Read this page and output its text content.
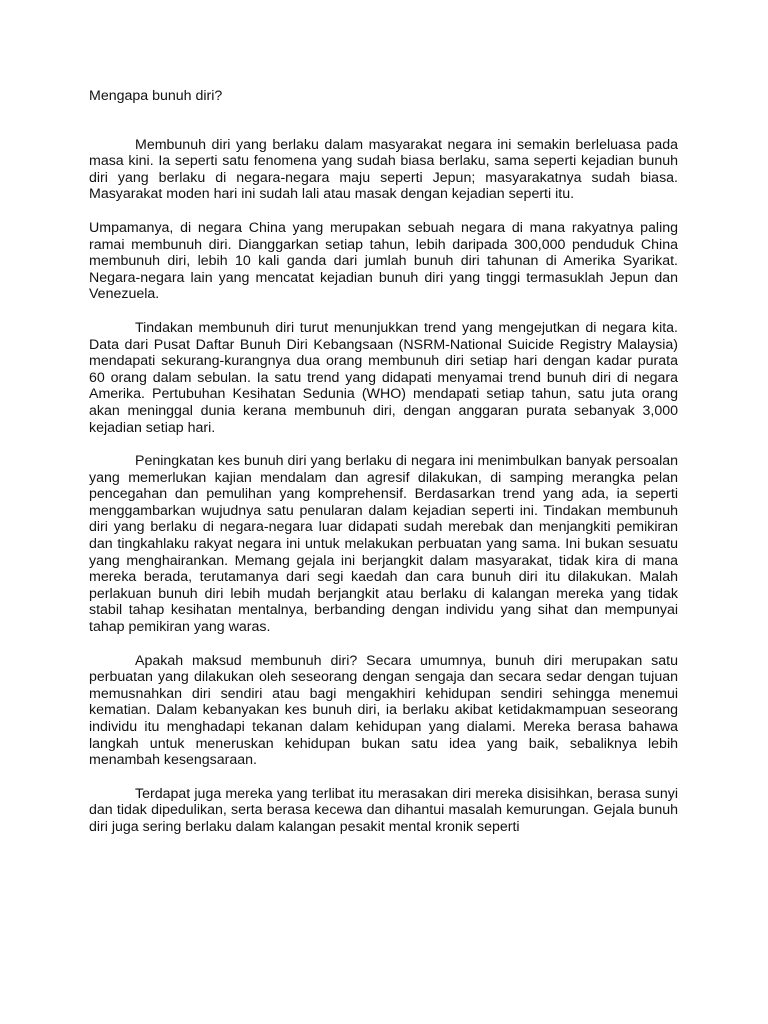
Mengapa bunuh diri?

Membunuh diri yang berlaku dalam masyarakat negara ini semakin berleluasa pada masa kini. Ia seperti satu fenomena yang sudah biasa berlaku, sama seperti kejadian bunuh diri yang berlaku di negara-negara maju seperti Jepun; masyarakatnya sudah biasa. Masyarakat moden hari ini sudah lali atau masak dengan kejadian seperti itu.

Umpamanya, di negara China yang merupakan sebuah negara di mana rakyatnya paling ramai membunuh diri. Dianggarkan setiap tahun, lebih daripada 300,000 penduduk China membunuh diri, lebih 10 kali ganda dari jumlah bunuh diri tahunan di Amerika Syarikat. Negara-negara lain yang mencatat kejadian bunuh diri yang tinggi termasuklah Jepun dan Venezuela.

Tindakan membunuh diri turut menunjukkan trend yang mengejutkan di negara kita. Data dari Pusat Daftar Bunuh Diri Kebangsaan (NSRM-National Suicide Registry Malaysia) mendapati sekurang-kurangnya dua orang membunuh diri setiap hari dengan kadar purata 60 orang dalam sebulan. Ia satu trend yang didapati menyamai trend bunuh diri di negara Amerika. Pertubuhan Kesihatan Sedunia (WHO) mendapati setiap tahun, satu juta orang akan meninggal dunia kerana membunuh diri, dengan anggaran purata sebanyak 3,000 kejadian setiap hari.

Peningkatan kes bunuh diri yang berlaku di negara ini menimbulkan banyak persoalan yang memerlukan kajian mendalam dan agresif dilakukan, di samping merangka pelan pencegahan dan pemulihan yang komprehensif. Berdasarkan trend yang ada, ia seperti menggambarkan wujudnya satu penularan dalam kejadian seperti ini. Tindakan membunuh diri yang berlaku di negara-negara luar didapati sudah merebak dan menjangkiti pemikiran dan tingkahlaku rakyat negara ini untuk melakukan perbuatan yang sama. Ini bukan sesuatu yang menghairankan. Memang gejala ini berjangkit dalam masyarakat, tidak kira di mana mereka berada, terutamanya dari segi kaedah dan cara bunuh diri itu dilakukan. Malah perlakuan bunuh diri lebih mudah berjangkit atau berlaku di kalangan mereka yang tidak stabil tahap kesihatan mentalnya, berbanding dengan individu yang sihat dan mempunyai tahap pemikiran yang waras.

Apakah maksud membunuh diri? Secara umumnya, bunuh diri merupakan satu perbuatan yang dilakukan oleh seseorang dengan sengaja dan secara sedar dengan tujuan memusnahkan diri sendiri atau bagi mengakhiri kehidupan sendiri sehingga menemui kematian. Dalam kebanyakan kes bunuh diri, ia berlaku akibat ketidakmampuan seseorang individu itu menghadapi tekanan dalam kehidupan yang dialami. Mereka berasa bahawa langkah untuk meneruskan kehidupan bukan satu idea yang baik, sebaliknya lebih menambah kesengsaraan.

Terdapat juga mereka yang terlibat itu merasakan diri mereka disisihkan, berasa sunyi dan tidak dipedulikan, serta berasa kecewa dan dihantui masalah kemurungan. Gejala bunuh diri juga sering berlaku dalam kalangan pesakit mental kronik seperti
